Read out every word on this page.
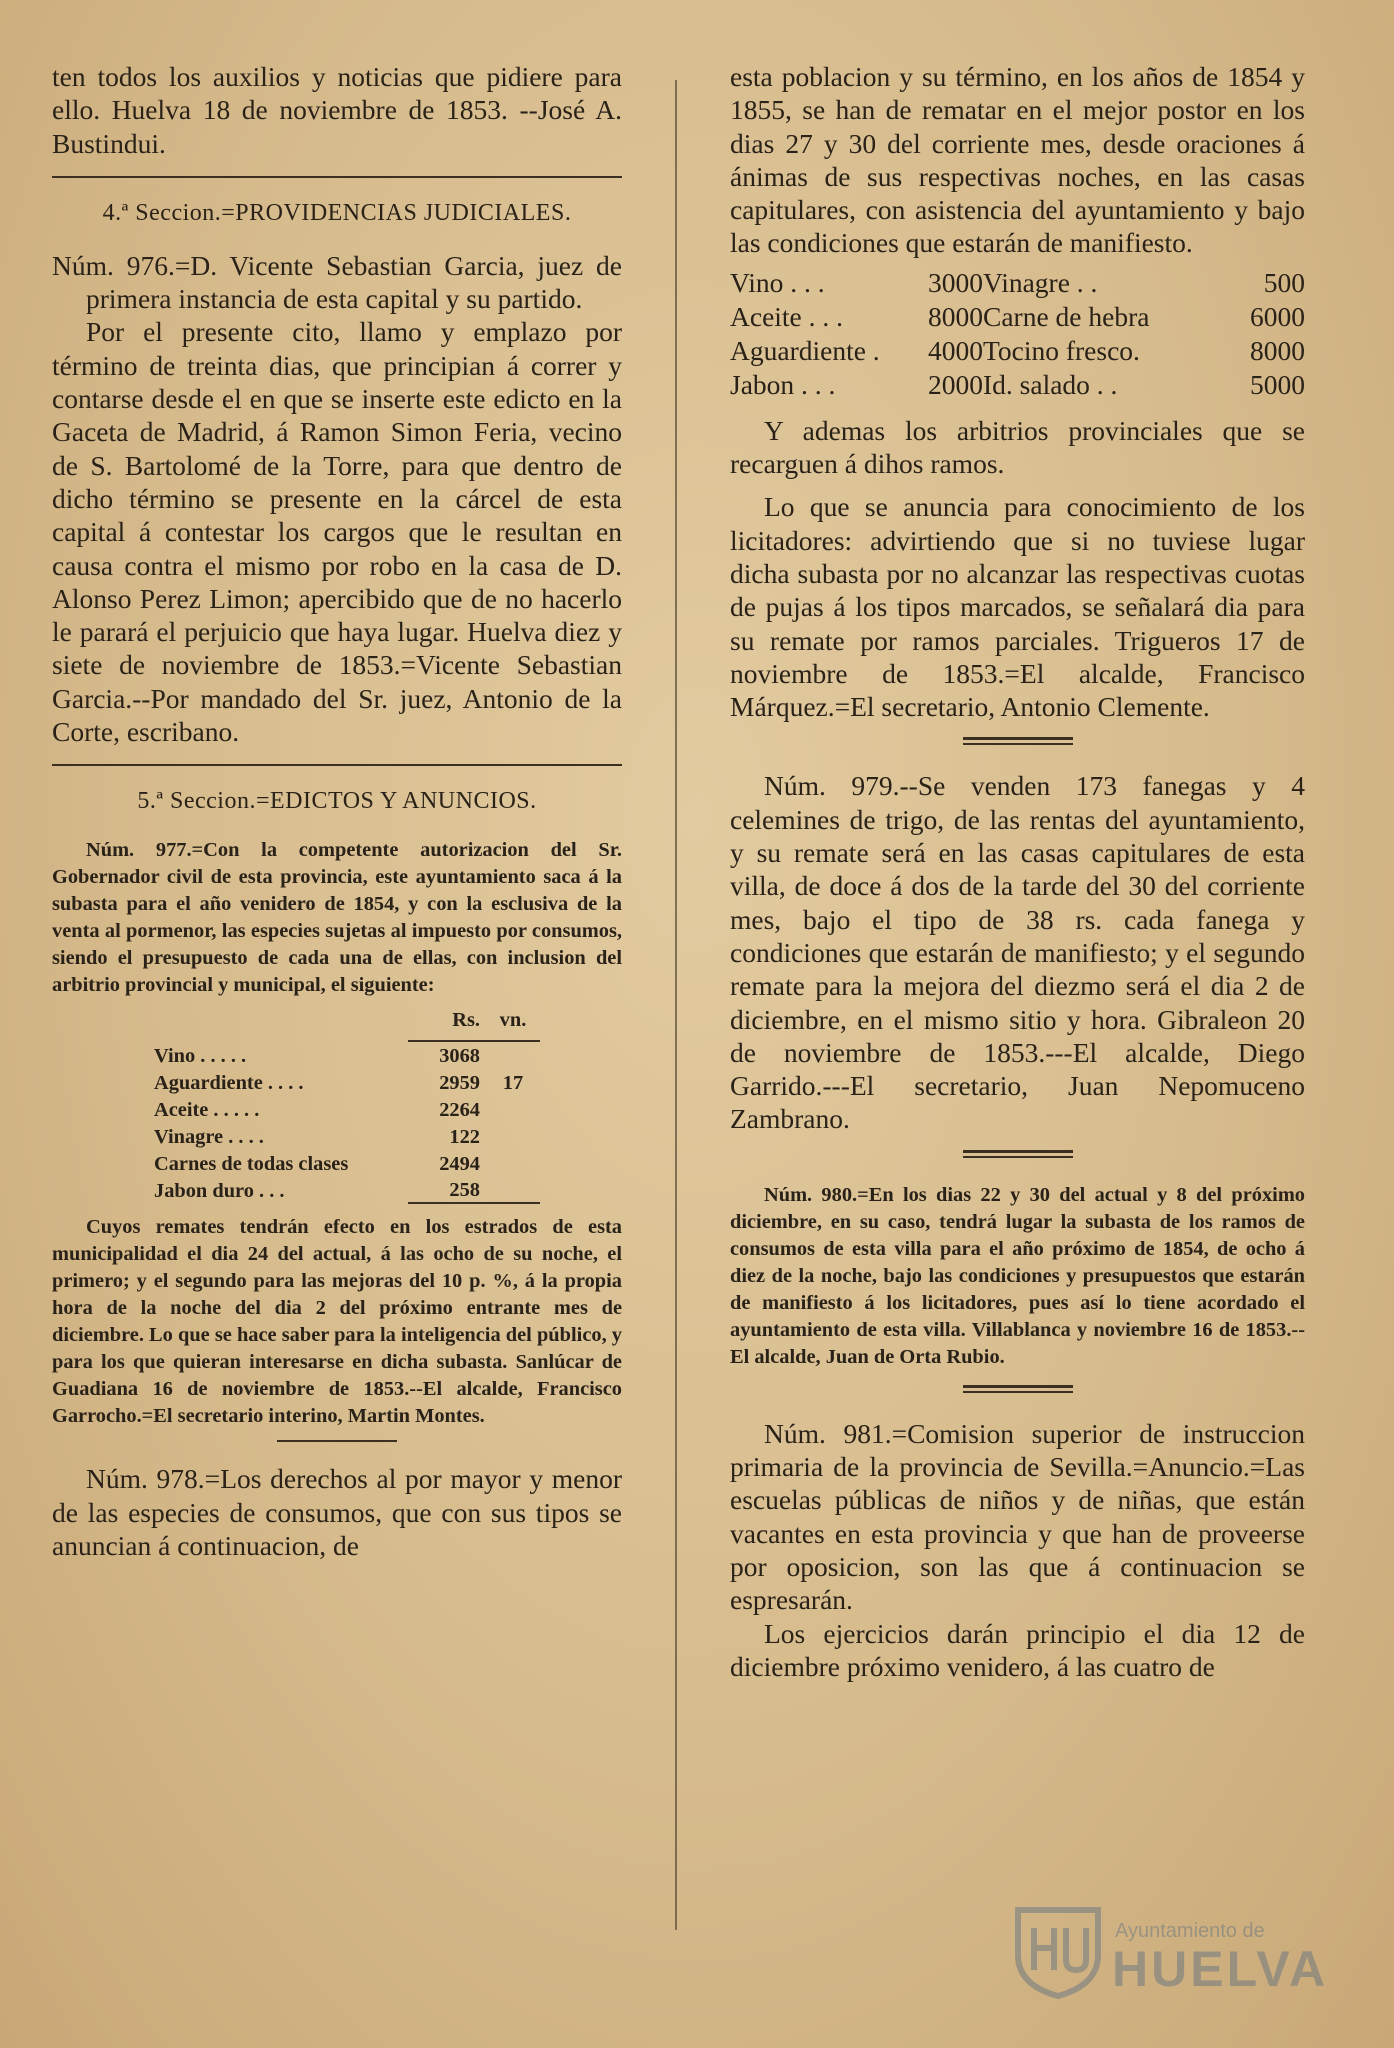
ten todos los auxilios y noticias que pidiere para ello. Huelva 18 de noviembre de 1853. --José A. Bustindui.

4.ª Seccion.=PROVIDENCIAS JUDICIALES.

Núm. 976.=D. Vicente Sebastian Garcia, juez de primera instancia de esta capital y su partido.

Por el presente cito, llamo y emplazo por término de treinta dias, que principian á correr y contarse desde el en que se inserte este edicto en la Gaceta de Madrid, á Ramon Simon Feria, vecino de S. Bartolomé de la Torre, para que dentro de dicho término se presente en la cárcel de esta capital á contestar los cargos que le resultan en causa contra el mismo por robo en la casa de D. Alonso Perez Limon; apercibido que de no hacerlo le parará el perjuicio que haya lugar. Huelva diez y siete de noviembre de 1853.=Vicente Sebastian Garcia.--Por mandado del Sr. juez, Antonio de la Corte, escribano.

5.ª Seccion.=EDICTOS Y ANUNCIOS.

Núm. 977.=Con la competente autorizacion del Sr. Gobernador civil de esta provincia, este ayuntamiento saca á la subasta para el año venidero de 1854, y con la esclusiva de la venta al pormenor, las especies sujetas al impuesto por consumos, siendo el presupuesto de cada una de ellas, con inclusion del arbitrio provincial y municipal, el siguiente:

	Rs.	vn.
Vino . . . . .	3068	
Aguardiente . . . .	2959	17
Aceite . . . . .	2264	
Vinagre . . . .	122	
Carnes de todas clases	2494	
Jabon duro . . .	258	

Cuyos remates tendrán efecto en los estrados de esta municipalidad el dia 24 del actual, á las ocho de su noche, el primero; y el segundo para las mejoras del 10 p. %, á la propia hora de la noche del dia 2 del próximo entrante mes de diciembre. Lo que se hace saber para la inteligencia del público, y para los que quieran interesarse en dicha subasta. Sanlúcar de Guadiana 16 de noviembre de 1853.--El alcalde, Francisco Garrocho.=El secretario interino, Martin Montes.

Núm. 978.=Los derechos al por mayor y menor de las especies de consumos, que con sus tipos se anuncian á continuacion, de

esta poblacion y su término, en los años de 1854 y 1855, se han de rematar en el mejor postor en los dias 27 y 30 del corriente mes, desde oraciones á ánimas de sus respectivas noches, en las casas capitulares, con asistencia del ayuntamiento y bajo las condiciones que estarán de manifiesto.

Vino . . .	3000	Vinagre . .	500
Aceite . . .	8000	Carne de hebra	6000
Aguardiente .	4000	Tocino fresco.	8000
Jabon . . .	2000	Id. salado . .	5000

Y ademas los arbitrios provinciales que se recarguen á dihos ramos.

Lo que se anuncia para conocimiento de los licitadores: advirtiendo que si no tuviese lugar dicha subasta por no alcanzar las respectivas cuotas de pujas á los tipos marcados, se señalará dia para su remate por ramos parciales. Trigueros 17 de noviembre de 1853.=El alcalde, Francisco Márquez.=El secretario, Antonio Clemente.

Núm. 979.--Se venden 173 fanegas y 4 celemines de trigo, de las rentas del ayuntamiento, y su remate será en las casas capitulares de esta villa, de doce á dos de la tarde del 30 del corriente mes, bajo el tipo de 38 rs. cada fanega y condiciones que estarán de manifiesto; y el segundo remate para la mejora del diezmo será el dia 2 de diciembre, en el mismo sitio y hora. Gibraleon 20 de noviembre de 1853.---El alcalde, Diego Garrido.---El secretario, Juan Nepomuceno Zambrano.

Núm. 980.=En los dias 22 y 30 del actual y 8 del próximo diciembre, en su caso, tendrá lugar la subasta de los ramos de consumos de esta villa para el año próximo de 1854, de ocho á diez de la noche, bajo las condiciones y presupuestos que estarán de manifiesto á los licitadores, pues así lo tiene acordado el ayuntamiento de esta villa. Villablanca y noviembre 16 de 1853.--El alcalde, Juan de Orta Rubio.

Núm. 981.=Comision superior de instruccion primaria de la provincia de Sevilla.=Anuncio.=Las escuelas públicas de niños y de niñas, que están vacantes en esta provincia y que han de proveerse por oposicion, son las que á continuacion se espresarán.

Los ejercicios darán principio el dia 12 de diciembre próximo venidero, á las cuatro de

Ayuntamiento de
HUELVA
